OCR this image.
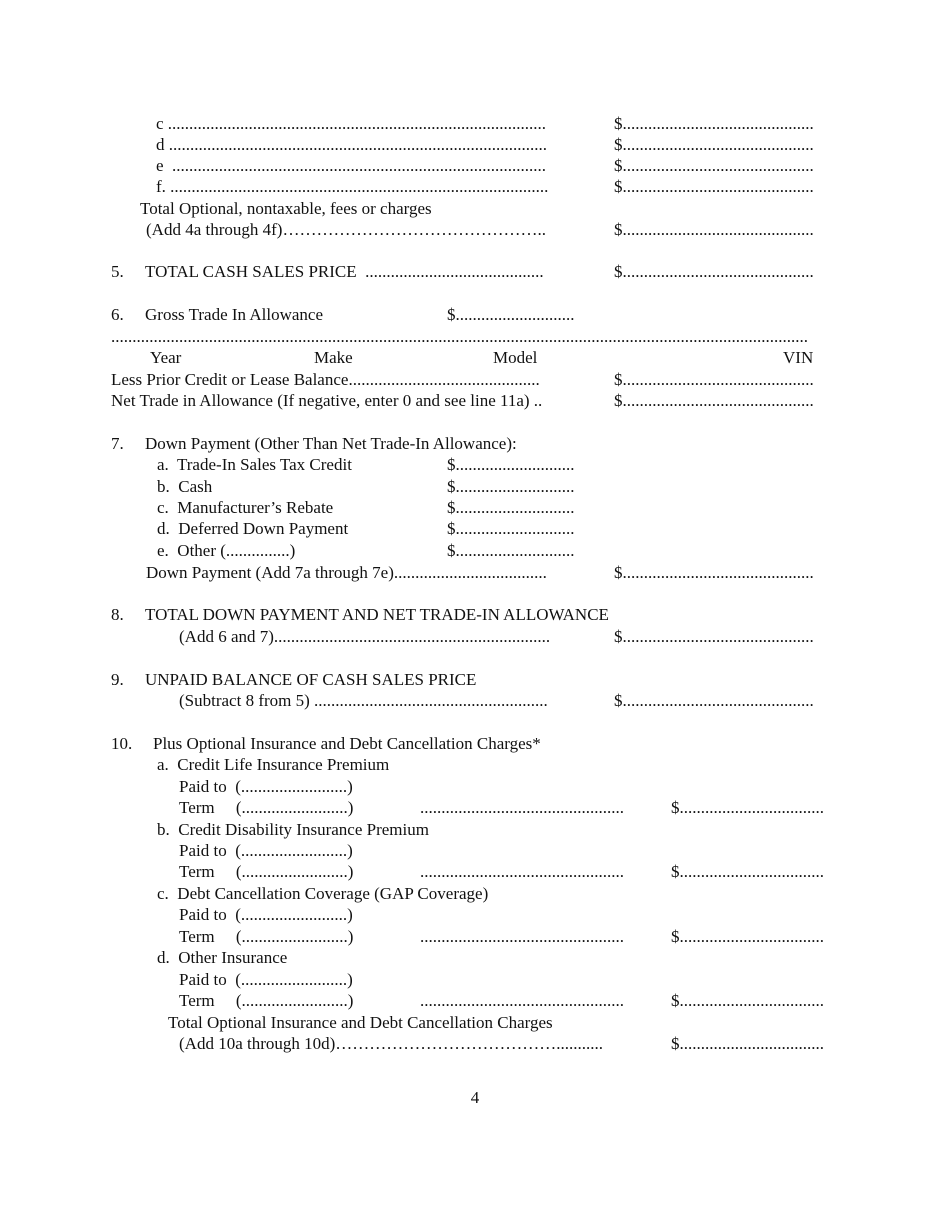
c .........................................................................................	$.............................................
d .........................................................................................	$.............................................
e  ........................................................................................	$.............................................
f. .........................................................................................	$.............................................
Total Optional, nontaxable, fees or charges
(Add 4a through 4f)………………………………………..	$.............................................
5. TOTAL CASH SALES PRICE  ..........................................	$.............................................
6. Gross Trade In Allowance	$............................
....................................................................................................................................................................
Year	Make	Model	VIN
Less Prior Credit or Lease Balance.............................................	$.............................................
Net Trade in Allowance (If negative, enter 0 and see line 11a) ..	$.............................................
7. Down Payment (Other Than Net Trade-In Allowance):
a.  Trade-In Sales Tax Credit	$............................
b.  Cash	$............................
c.  Manufacturer’s Rebate	$............................
d.  Deferred Down Payment	$............................
e.  Other (...............)	$............................
Down Payment (Add 7a through 7e)....................................	$.............................................
8. TOTAL DOWN PAYMENT AND NET TRADE-IN ALLOWANCE
(Add 6 and 7).................................................................	$.............................................
9. UNPAID BALANCE OF CASH SALES PRICE
(Subtract 8 from 5) .......................................................	$.............................................
10. Plus Optional Insurance and Debt Cancellation Charges*
a.  Credit Life Insurance Premium
Paid to  (.........................)
Term     (.........................)	................................................	$..................................
b.  Credit Disability Insurance Premium
Paid to  (.........................)
Term     (.........................)	................................................	$..................................
c.  Debt Cancellation Coverage (GAP Coverage)
Paid to  (.........................)
Term     (.........................)	................................................	$..................................
d.  Other Insurance
Paid to  (.........................)
Term     (.........................)	................................................	$..................................
Total Optional Insurance and Debt Cancellation Charges
(Add 10a through 10d)…………………………………...........	$..................................
4
